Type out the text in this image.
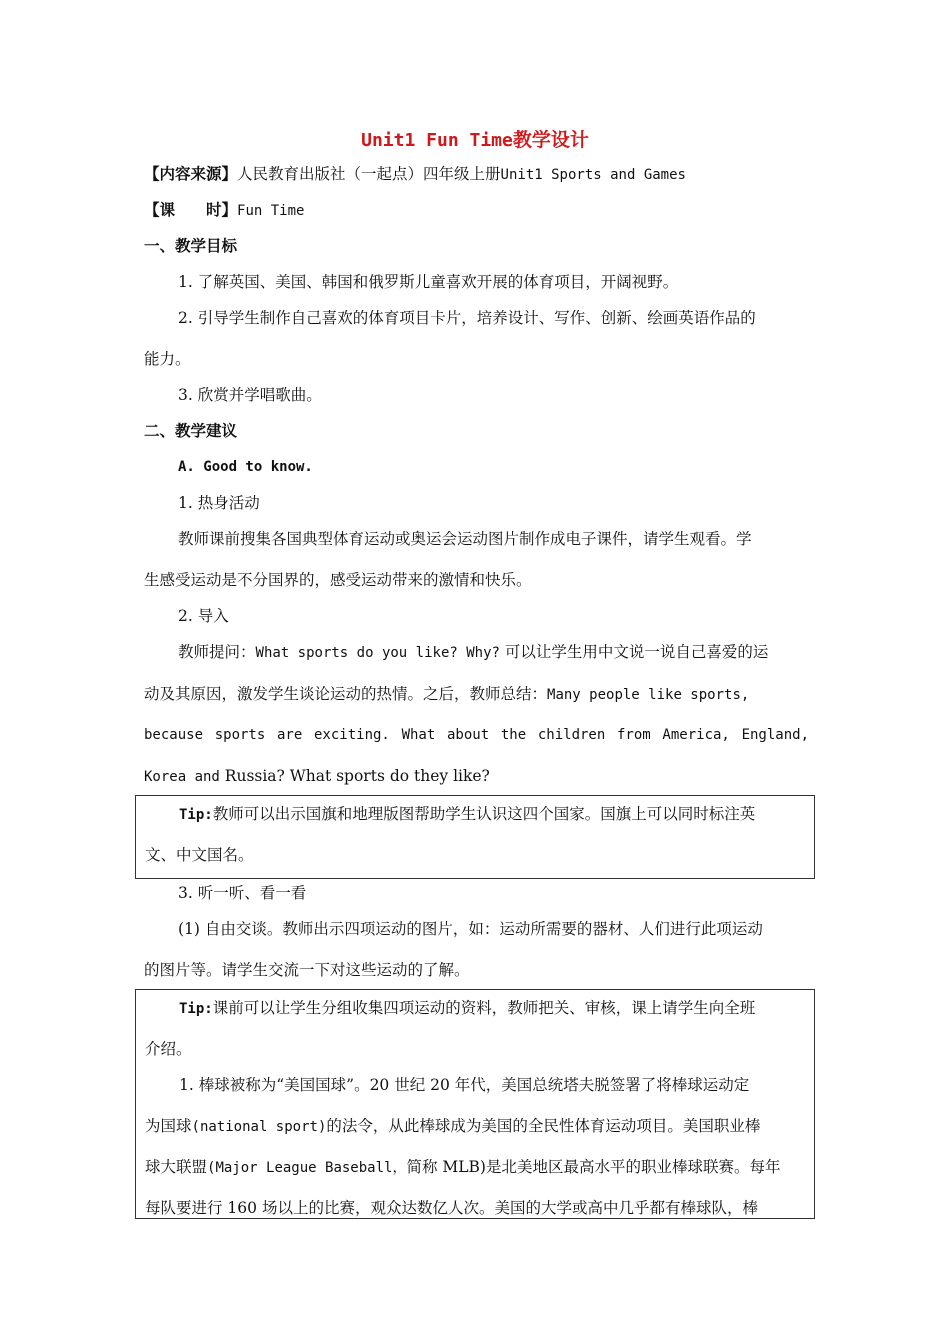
Unit1 Fun Time教学设计
【内容来源】人民教育出版社（一起点）四年级上册Unit1 Sports and Games
【课　　时】Fun Time
一、教学目标
1. 了解英国、美国、韩国和俄罗斯儿童喜欢开展的体育项目，开阔视野。
2. 引导学生制作自己喜欢的体育项目卡片，培养设计、写作、创新、绘画英语作品的
能力。
3. 欣赏并学唱歌曲。
二、教学建议
A. Good to know.
1. 热身活动
教师课前搜集各国典型体育运动或奥运会运动图片制作成电子课件，请学生观看。学
生感受运动是不分国界的，感受运动带来的激情和快乐。
2. 导入
教师提问：What sports do you like? Why? 可以让学生用中文说一说自己喜爱的运
动及其原因，激发学生谈论运动的热情。之后，教师总结：Many people like sports,
because sports are exciting. What about the children from America, England,
Korea and Russia? What sports do they like?
Tip:教师可以出示国旗和地理版图帮助学生认识这四个国家。国旗上可以同时标注英
文、中文国名。
3. 听一听、看一看
(1) 自由交谈。教师出示四项运动的图片，如：运动所需要的器材、人们进行此项运动
的图片等。请学生交流一下对这些运动的了解。
Tip:课前可以让学生分组收集四项运动的资料，教师把关、审核，课上请学生向全班
介绍。
1. 棒球被称为“美国国球”。20 世纪 20 年代，美国总统塔夫脱签署了将棒球运动定
为国球(national sport)的法令，从此棒球成为美国的全民性体育运动项目。美国职业棒
球大联盟(Major League Baseball，简称 MLB)是北美地区最高水平的职业棒球联赛。每年
每队要进行 160 场以上的比赛，观众达数亿人次。美国的大学或高中几乎都有棒球队，棒
